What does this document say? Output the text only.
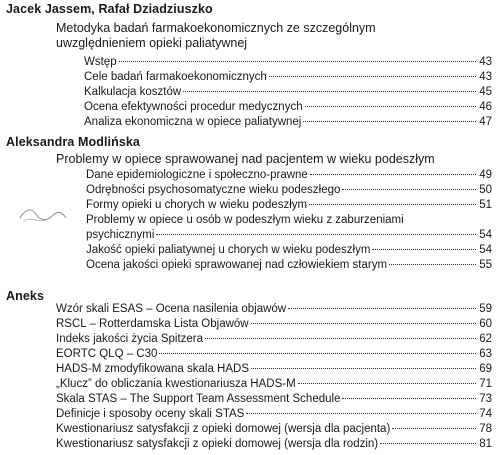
Jacek Jassem, Rafał Dziadziuszko
Metodyka badań farmakoekonomicznych ze szczególnym
uwzględnieniem opieki paliatywnej
Wstęp	43
Cele badań farmakoekonomicznych	43
Kalkulacja kosztów	45
Ocena efektywności procedur medycznych	46
Analiza ekonomiczna w opiece paliatywnej	47
Aleksandra Modlińska
Problemy w opiece sprawowanej nad pacjentem w wieku podeszłym
Dane epidemiologiczne i społeczno-prawne	49
Odrębności psychosomatyczne wieku podeszłego	50
Formy opieki u chorych w wieku podeszłym	51
Problemy w opiece u osób w podeszłym wieku z zaburzeniami
psychicznymi	54
Jakość opieki paliatywnej u chorych w wieku podeszłym	54
Ocena jakości opieki sprawowanej nad człowiekiem starym	55
Aneks
Wzór skali ESAS – Ocena nasilenia objawów	59
RSCL – Rotterdamska Lista Objawów	60
Indeks jakości życia Spitzera	62
EORTC QLQ – C30	63
HADS-M zmodyfikowana skala HADS	69
„Klucz” do obliczania kwestionariusza HADS-M	71
Skala STAS – The Support Team Assessment Schedule	73
Definicje i sposoby oceny skali STAS	74
Kwestionariusz satysfakcji z opieki domowej (wersja dla pacjenta)	78
Kwestionariusz satysfakcji z opieki domowej (wersja dla rodzin)	81
